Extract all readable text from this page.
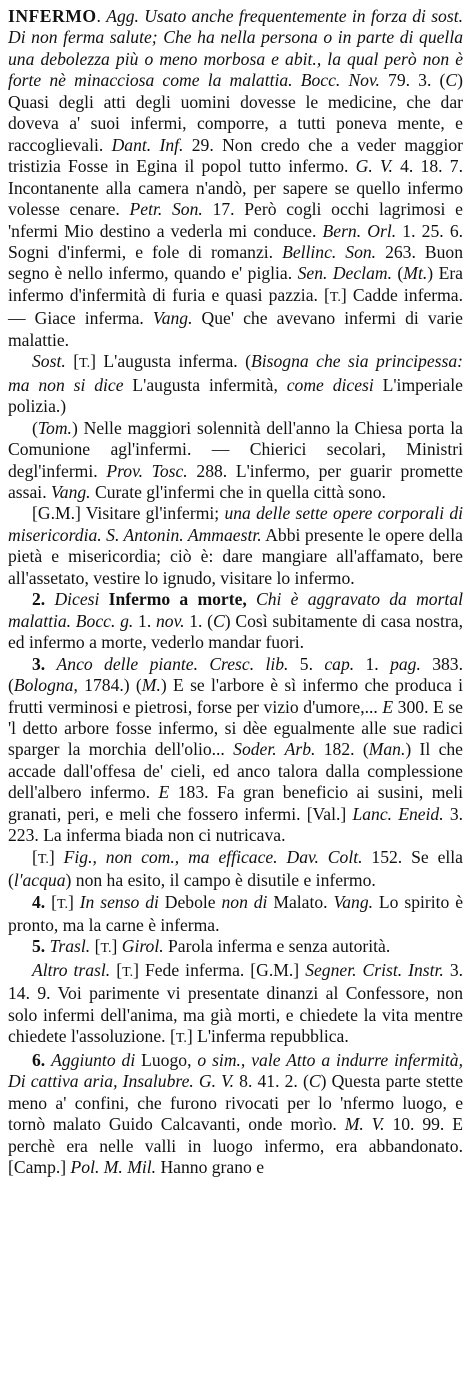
INFERMO. Agg. Usato anche frequentemente in forza di sost. Di non ferma salute; Che ha nella persona o in parte di quella una debolezza più o meno morbosa e abit., la qual però non è forte nè minacciosa come la malattia. Bocc. Nov. 79. 3. (C) Quasi degli atti degli uomini dovesse le medicine, che dar doveva a' suoi infermi, comporre, a tutti poneva mente, e raccoglievali. Dant. Inf. 29. Non credo che a veder maggior tristizia Fosse in Egina il popol tutto infermo. G. V. 4. 18. 7. Incontanente alla camera n'andò, per sapere se quello infermo volesse cenare. Petr. Son. 17. Però cogli occhi lagrimosi e 'nfermi Mio destino a vederla mi conduce. Bern. Orl. 1. 25. 6. Sogni d'infermi, e fole di romanzi. Bellinc. Son. 263. Buon segno è nello infermo, quando e' piglia. Sen. Declam. (Mt.) Era infermo d'infermità di furia e quasi pazzia. [T.] Cadde inferma. — Giace inferma. Vang. Que' che avevano infermi di varie malattie.

Sost. [T.] L'augusta inferma. (Bisogna che sia principessa: ma non si dice L'augusta infermità, come dicesi L'imperiale polizia.)

(Tom.) Nelle maggiori solennità dell'anno la Chiesa porta la Comunione agl'infermi. — Chierici secolari, Ministri degl'infermi. Prov. Tosc. 288. L'infermo, per guarir promette assai. Vang. Curate gl'infermi che in quella città sono.

[G.M.] Visitare gl'infermi; una delle sette opere corporali di misericordia. S. Antonin. Ammaestr. Abbi presente le opere della pietà e misericordia; ciò è: dare mangiare all'affamato, bere all'assetato, vestire lo ignudo, visitare lo infermo.

2. Dicesi Infermo a morte, Chi è aggravato da mortal malattia. Bocc. g. 1. nov. 1. (C) Così subitamente di casa nostra, ed infermo a morte, vederlo mandar fuori.

3. Anco delle piante. Cresc. lib. 5. cap. 1. pag. 383. (Bologna, 1784.) (M.) E se l'arbore è sì infermo che produca i frutti verminosi e pietrosi, forse per vizio d'umore,... E 300. E se 'l detto arbore fosse infermo, si dèe egualmente alle sue radici sparger la morchia dell'olio... Soder. Arb. 182. (Man.) Il che accade dall'offesa de' cieli, ed anco talora dalla complessione dell'albero infermo. E 183. Fa gran beneficio ai susini, meli granati, peri, e meli che fossero infermi. [Val.] Lanc. Eneid. 3. 223. La inferma biada non ci nutricava.

[T.] Fig., non com., ma efficace. Dav. Colt. 152. Se ella (l'acqua) non ha esito, il campo è disutile e infermo.

4. [T.] In senso di Debole non di Malato. Vang. Lo spirito è pronto, ma la carne è inferma.

5. Trasl. [T.] Girol. Parola inferma e senza autorità.

Altro trasl. [T.] Fede inferma. [G.M.] Segner. Crist. Instr. 3. 14. 9. Voi parimente vi presentate dinanzi al Confessore, non solo infermi dell'anima, ma già morti, e chiedete la vita mentre chiedete l'assoluzione. [T.] L'inferma repubblica.

6. Aggiunto di Luogo, o sim., vale Atto a indurre infermità, Di cattiva aria, Insalubre. G. V. 8. 41. 2. (C) Questa parte stette meno a' confini, che furono rivocati per lo 'nfermo luogo, e tornò malato Guido Calcavanti, onde morìo. M. V. 10. 99. E perchè era nelle valli in luogo infermo, era abbandonato. [Camp.] Pol. M. Mil. Hanno grano e
